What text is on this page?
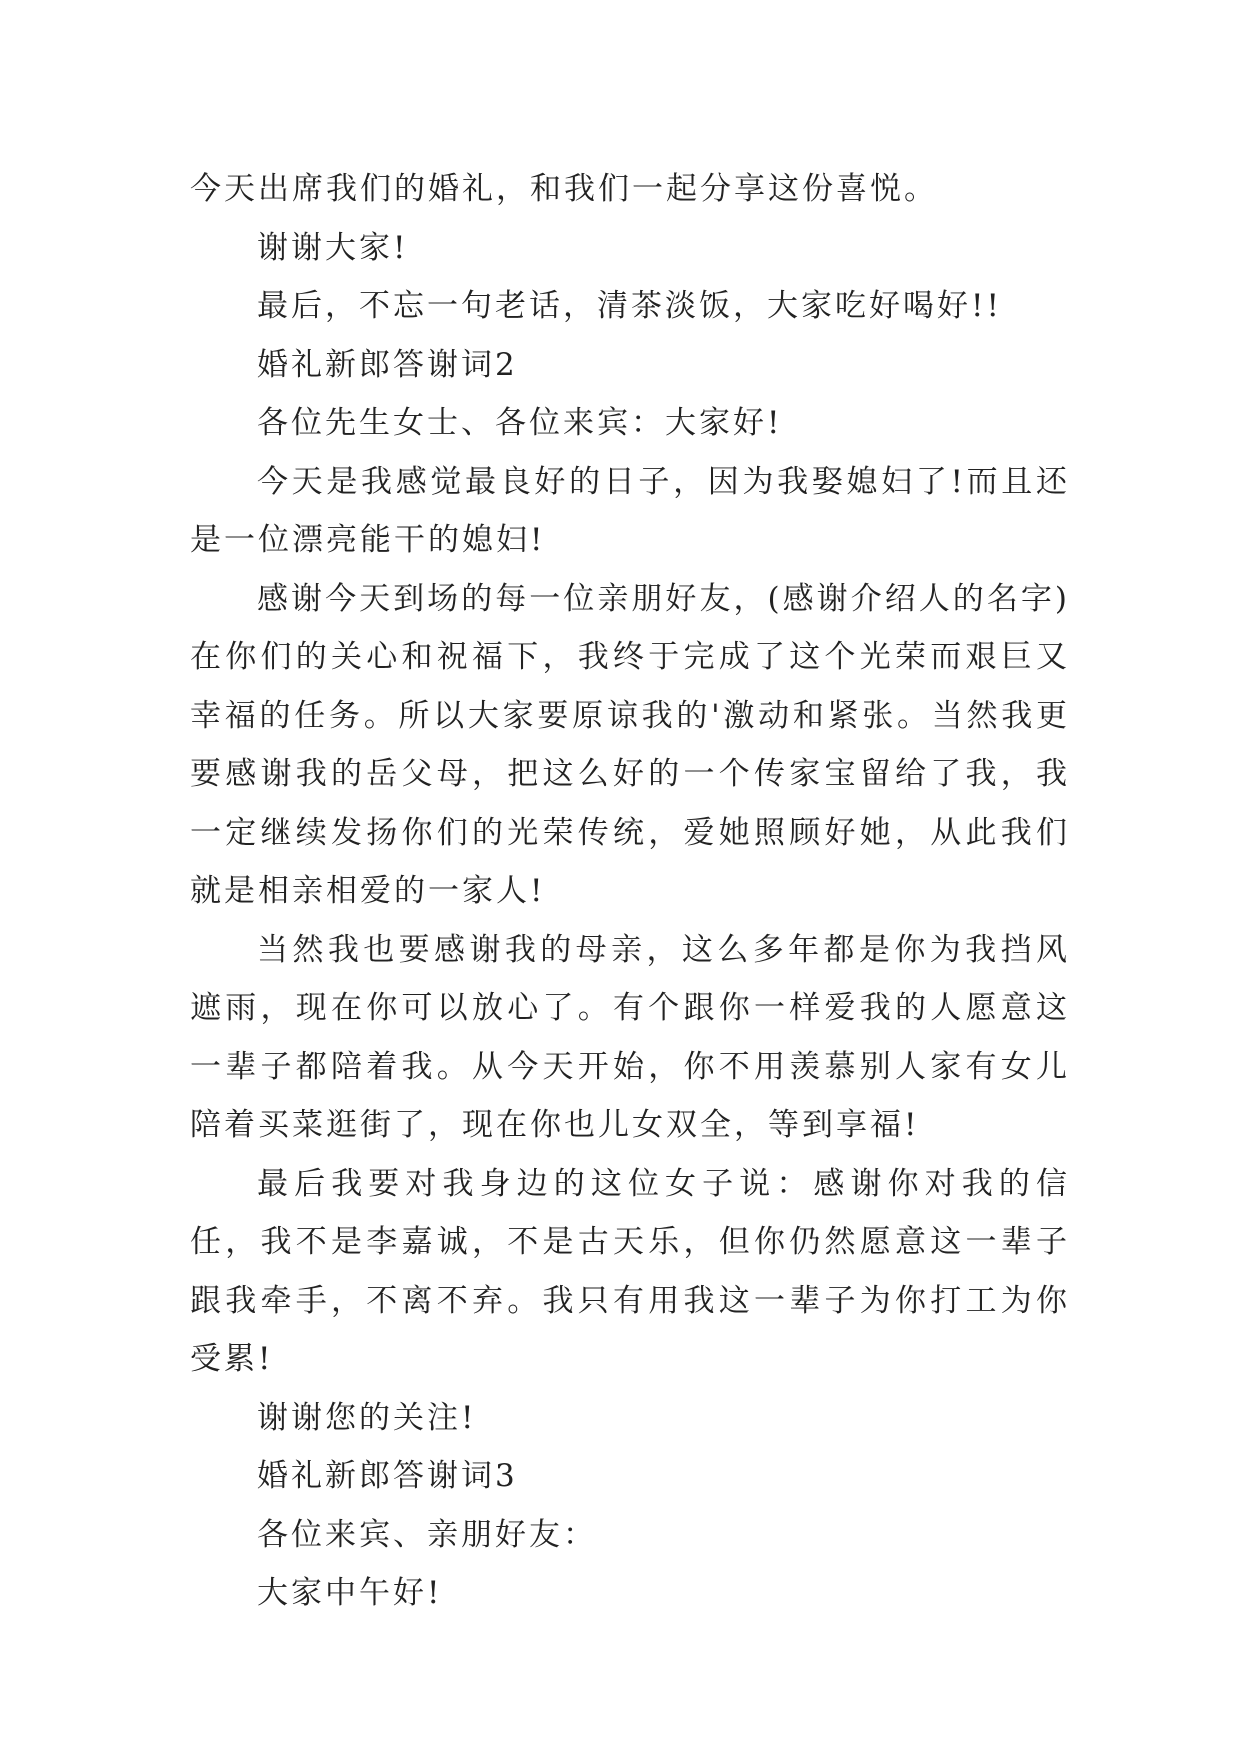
今天出席我们的婚礼，和我们一起分享这份喜悦。

谢谢大家!

最后，不忘一句老话，清茶淡饭，大家吃好喝好!!

婚礼新郎答谢词2

各位先生女士、各位来宾：大家好!

今天是我感觉最良好的日子，因为我娶媳妇了!而且还是一位漂亮能干的媳妇!

感谢今天到场的每一位亲朋好友，(感谢介绍人的名字)在你们的关心和祝福下，我终于完成了这个光荣而艰巨又幸福的任务。所以大家要原谅我的'激动和紧张。当然我更要感谢我的岳父母，把这么好的一个传家宝留给了我，我一定继续发扬你们的光荣传统，爱她照顾好她，从此我们就是相亲相爱的一家人!

当然我也要感谢我的母亲，这么多年都是你为我挡风遮雨，现在你可以放心了。有个跟你一样爱我的人愿意这一辈子都陪着我。从今天开始，你不用羡慕别人家有女儿陪着买菜逛街了，现在你也儿女双全，等到享福!

最后我要对我身边的这位女子说：感谢你对我的信任，我不是李嘉诚，不是古天乐，但你仍然愿意这一辈子跟我牵手，不离不弃。我只有用我这一辈子为你打工为你受累!

谢谢您的关注!

婚礼新郎答谢词3

各位来宾、亲朋好友：

大家中午好!
